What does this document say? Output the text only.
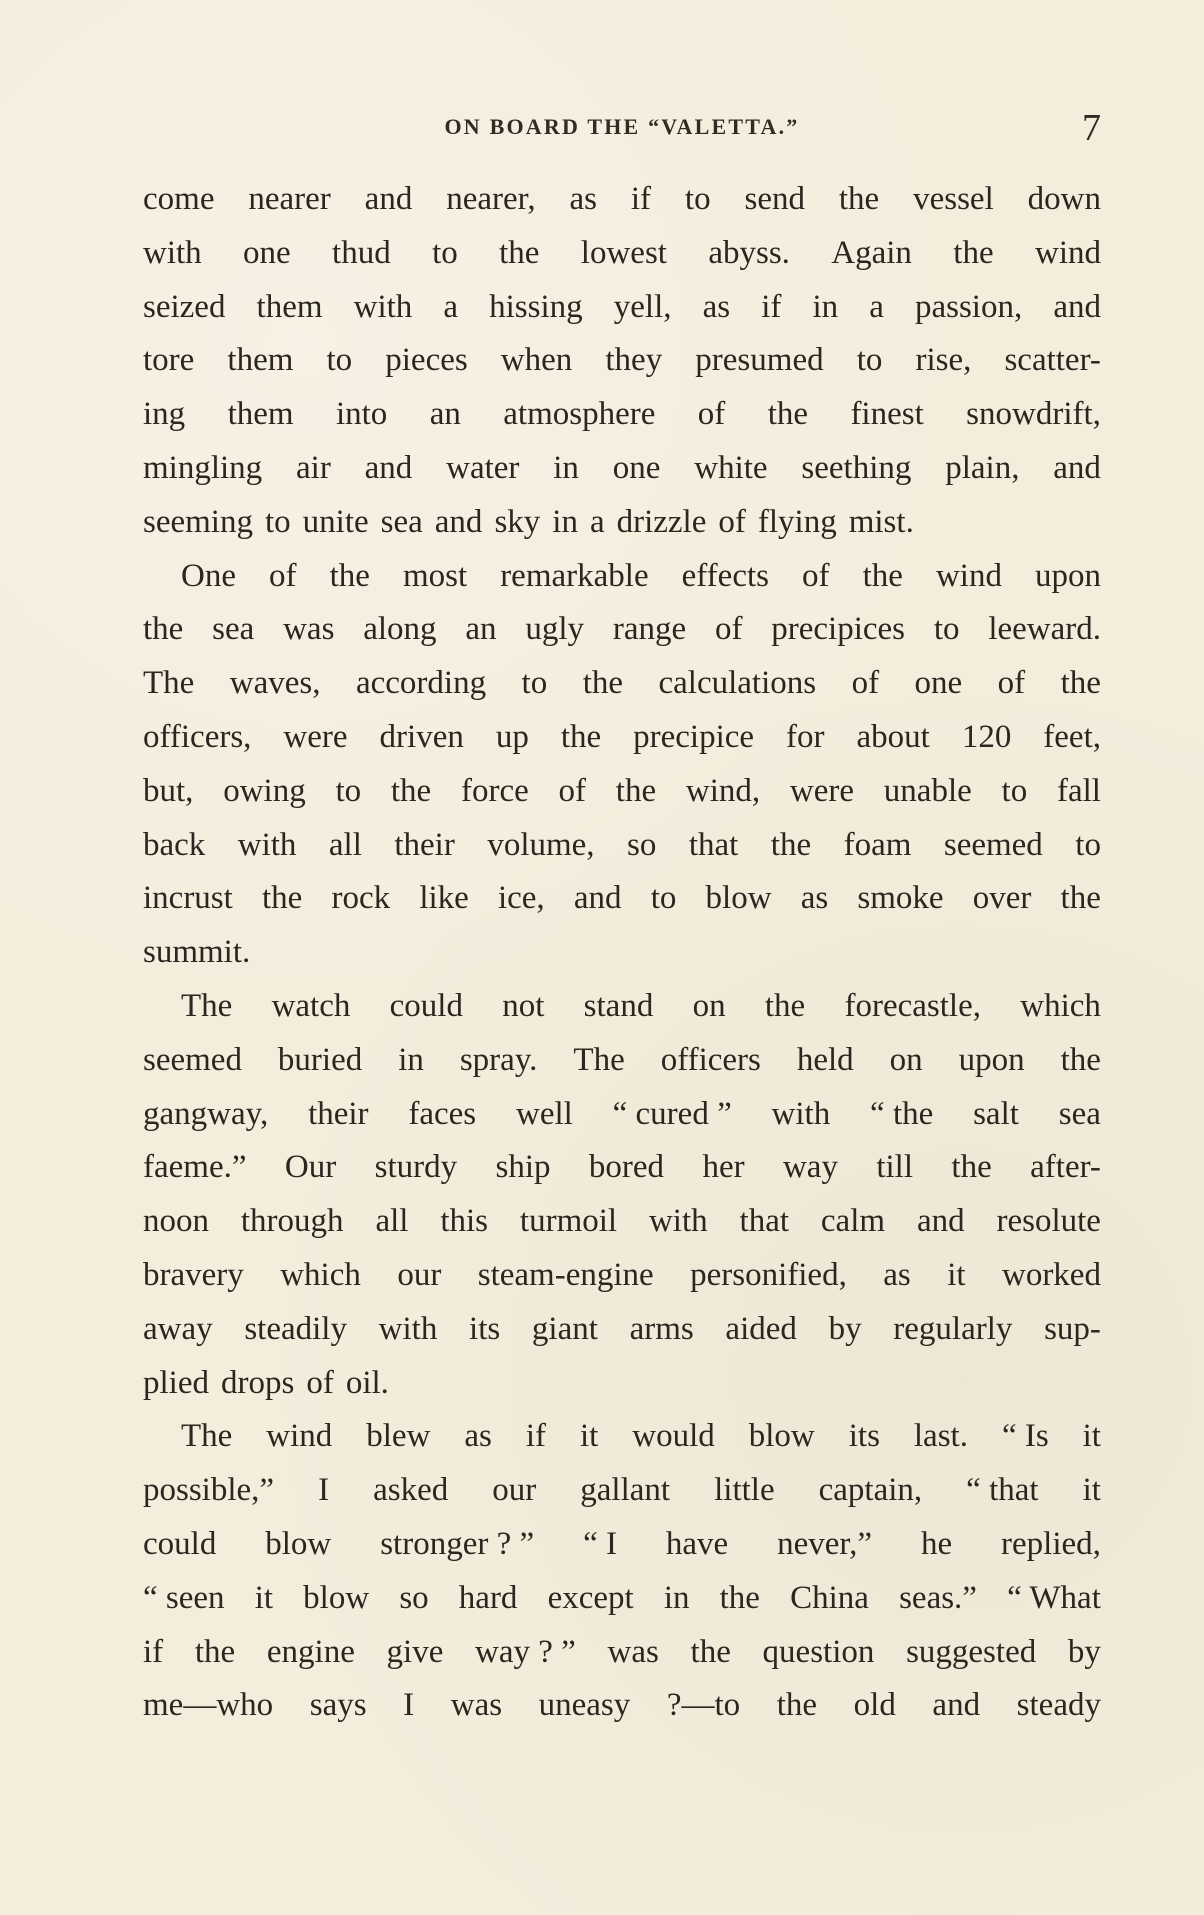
ON BOARD THE “VALETTA.”	7
come nearer and nearer, as if to send the vessel down
with one thud to the lowest abyss. Again the wind
seized them with a hissing yell, as if in a passion, and
tore them to pieces when they presumed to rise, scatter-
ing them into an atmosphere of the finest snowdrift,
mingling air and water in one white seething plain, and
seeming to unite sea and sky in a drizzle of flying mist.
One of the most remarkable effects of the wind upon
the sea was along an ugly range of precipices to leeward.
The waves, according to the calculations of one of the
officers, were driven up the precipice for about 120 feet,
but, owing to the force of the wind, were unable to fall
back with all their volume, so that the foam seemed to
incrust the rock like ice, and to blow as smoke over the
summit.
The watch could not stand on the forecastle, which
seemed buried in spray. The officers held on upon the
gangway, their faces well “ cured ” with “ the salt sea
faeme.” Our sturdy ship bored her way till the after-
noon through all this turmoil with that calm and resolute
bravery which our steam-engine personified, as it worked
away steadily with its giant arms aided by regularly sup-
plied drops of oil.
The wind blew as if it would blow its last. “ Is it
possible,” I asked our gallant little captain, “ that it
could blow stronger ? ” “ I have never,” he replied,
“ seen it blow so hard except in the China seas.” “ What
if the engine give way ? ” was the question suggested by
me—who says I was uneasy ?—to the old and steady
